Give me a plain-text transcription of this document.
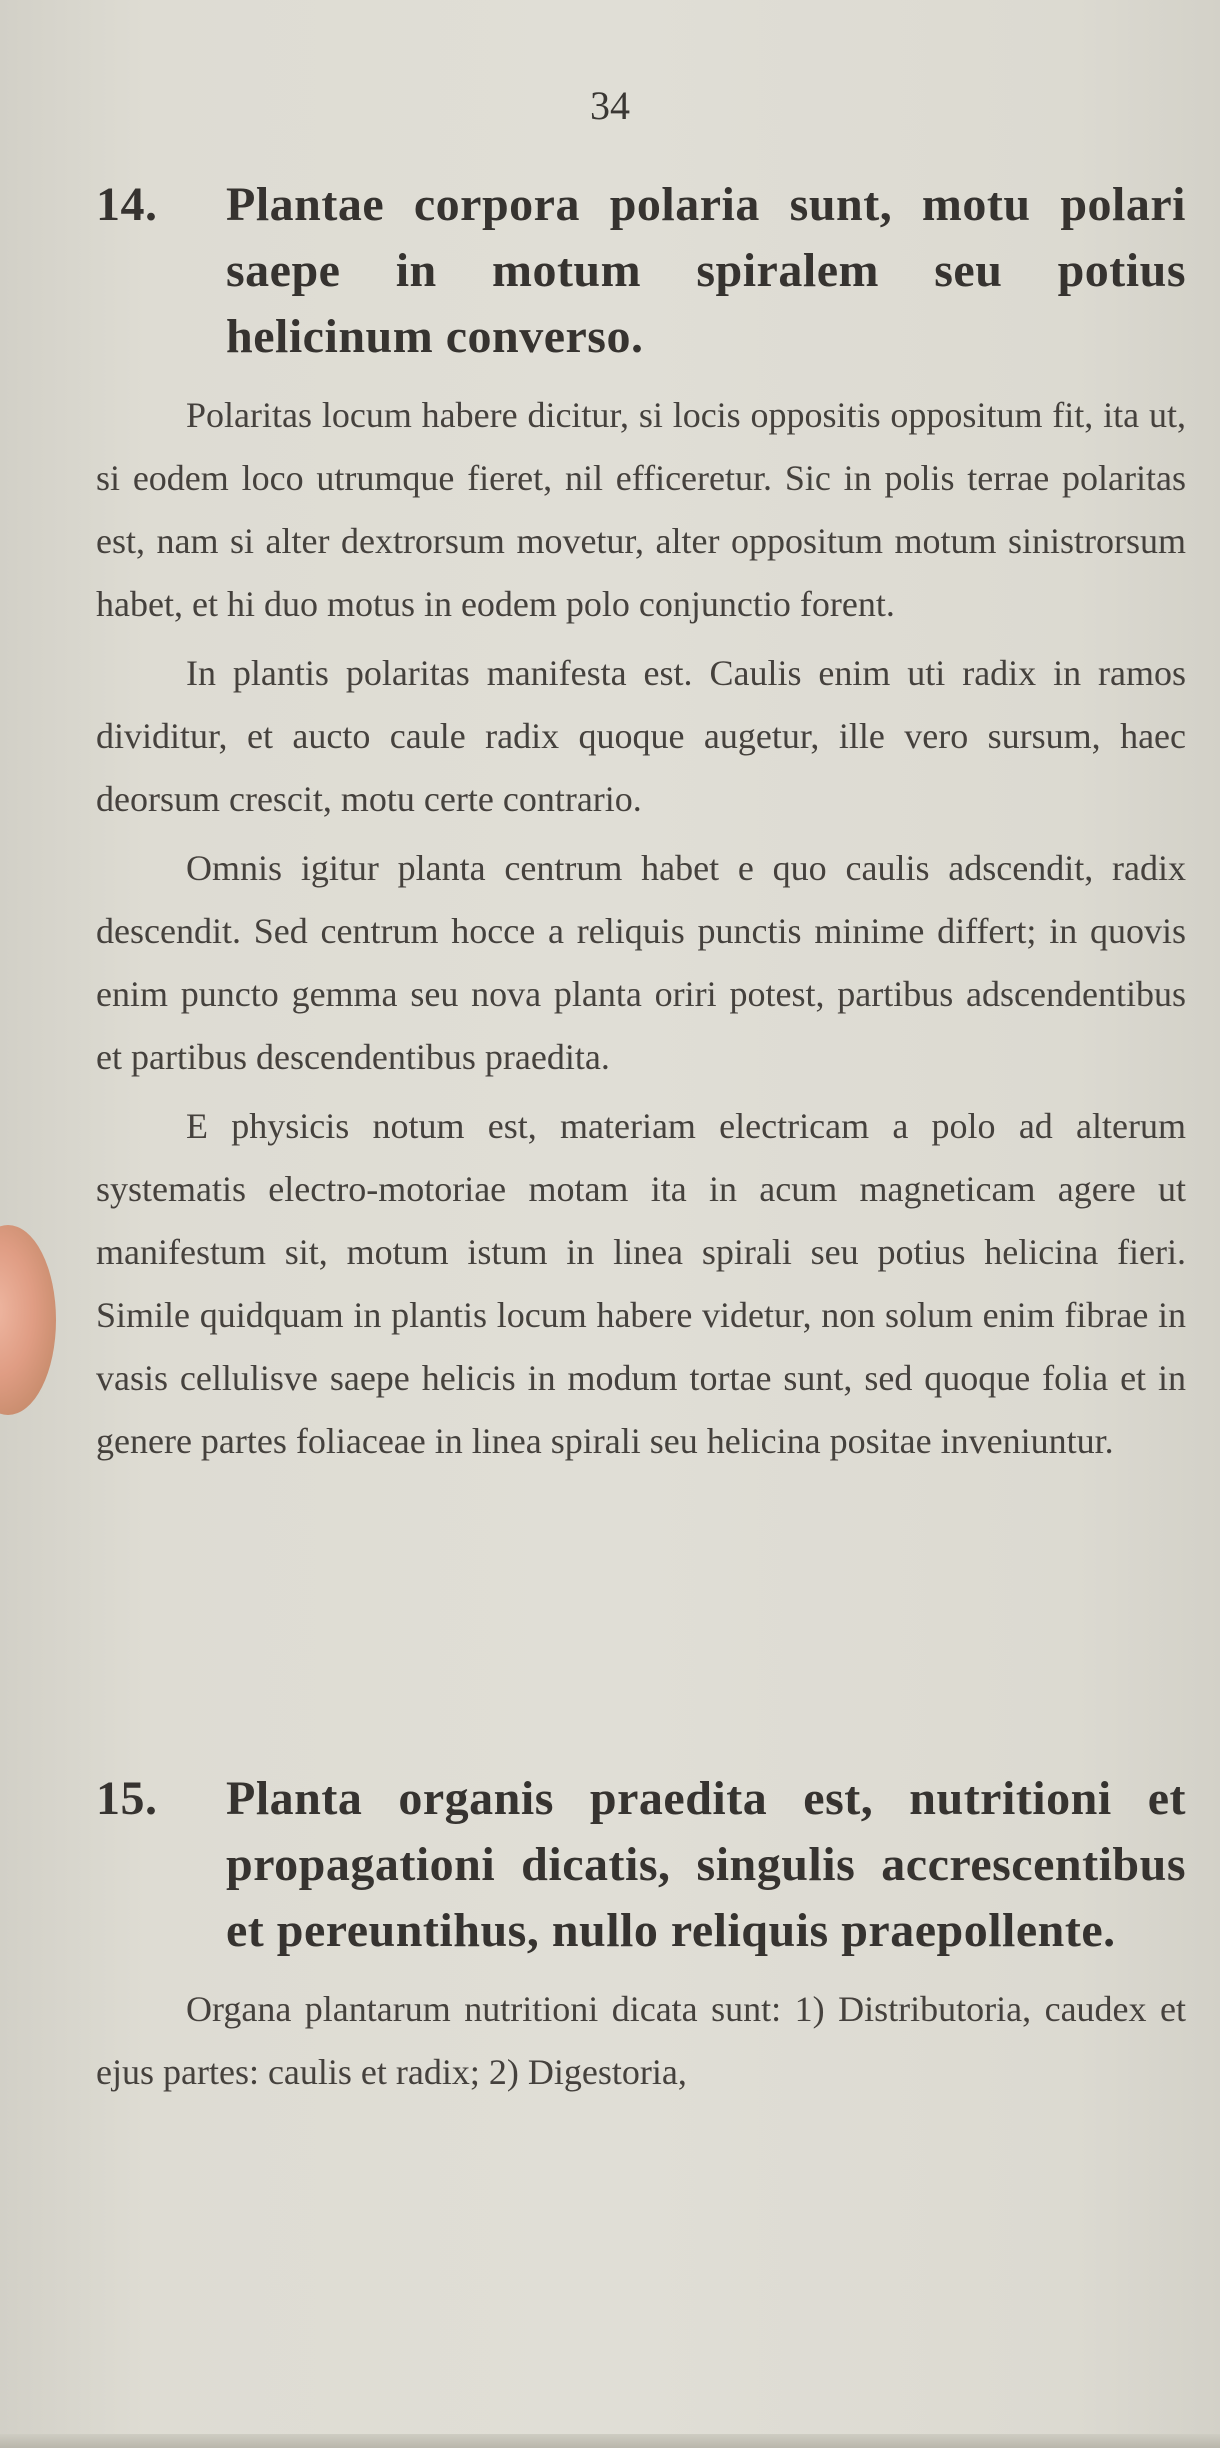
34
14. Plantae corpora polaria sunt, motu polari saepe in motum spiralem seu potius helicinum converso.

Polaritas locum habere dicitur, si locis oppositis oppositum fit, ita ut, si eodem loco utrumque fieret, nil efficeretur. Sic in polis terrae polaritas est, nam si alter dextrorsum movetur, alter oppositum motum sinistrorsum habet, et hi duo motus in eodem polo conjunctio forent.

In plantis polaritas manifesta est. Caulis enim uti radix in ramos dividitur, et aucto caule radix quoque augetur, ille vero sursum, haec deorsum crescit, motu certe contrario.

Omnis igitur planta centrum habet e quo caulis adscendit, radix descendit. Sed centrum hocce a reliquis punctis minime differt; in quovis enim puncto gemma seu nova planta oriri potest, partibus adscendentibus et partibus descendentibus praedita.

E physicis notum est, materiam electricam a polo ad alterum systematis electro-motoriae motam ita in acum magneticam agere ut manifestum sit, motum istum in linea spirali seu potius helicina fieri. Simile quidquam in plantis locum habere videtur, non solum enim fibrae in vasis cellulisve saepe helicis in modum tortae sunt, sed quoque folia et in genere partes foliaceae in linea spirali seu helicina positae inveniuntur.

15. Planta organis praedita est, nutritioni et propagationi dicatis, singulis accrescentibus et pereuntihus, nullo reliquis praepollente.

Organa plantarum nutritioni dicata sunt: 1) Distributoria, caudex et ejus partes: caulis et radix; 2) Digestoria,
